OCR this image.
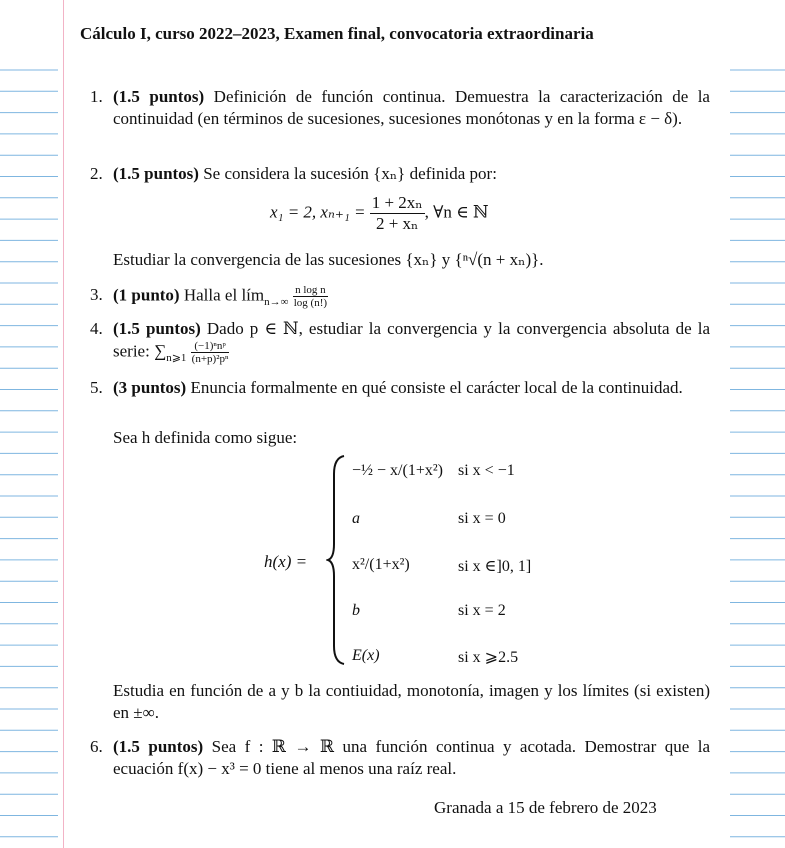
Cálculo I, curso 2022–2023, Examen final, convocatoria extraordinaria
1. (1.5 puntos) Definición de función continua. Demuestra la caracterización de la continuidad (en términos de sucesiones, sucesiones monótonas y en la forma ε − δ).
2. (1.5 puntos) Se considera la sucesión {xₙ} definida por:
x₁ = 2, $x_{n+1} = \frac{\text{1 + 2xₙ}}{\text{2 + xₙ}}$ , ∀n ∈ ℕ
Estudiar la convergencia de las sucesiones {xₙ} y {ⁿ√(n + xₙ)}.
3. (1 punto) Halla el lím$_{n\to\infty}$ $\frac{\text{n log n}}{\log (n!)}$
4. (1.5 puntos) Dado p ∈ ℕ, estudiar la convergencia y la convergencia absoluta de la serie: $\sum_{n⩾1}$
(−1)ⁿnᵖ
(n+p)²pⁿ
5. (3 puntos) Enuncia formalmente en qué consiste el carácter local de la continuidad.
Sea h definida como sigue:
h(x) =
−½ − x/(1+x²) si x < −1
a	si x = 0
x²/(1+x²)	si x ∈]0, 1]
b	si x = 2
E(x)	si x ⩾2.5
Estudia en función de a y b la contiuidad, monotonía, imagen y los límites (si existen) en ±∞.
6. (1.5 puntos) Sea f : ℝ → ℝ una función continua y acotada. Demostrar que la ecuación f(x) − x³ = 0 tiene al menos una raíz real.
Granada a 15 de febrero de 2023
